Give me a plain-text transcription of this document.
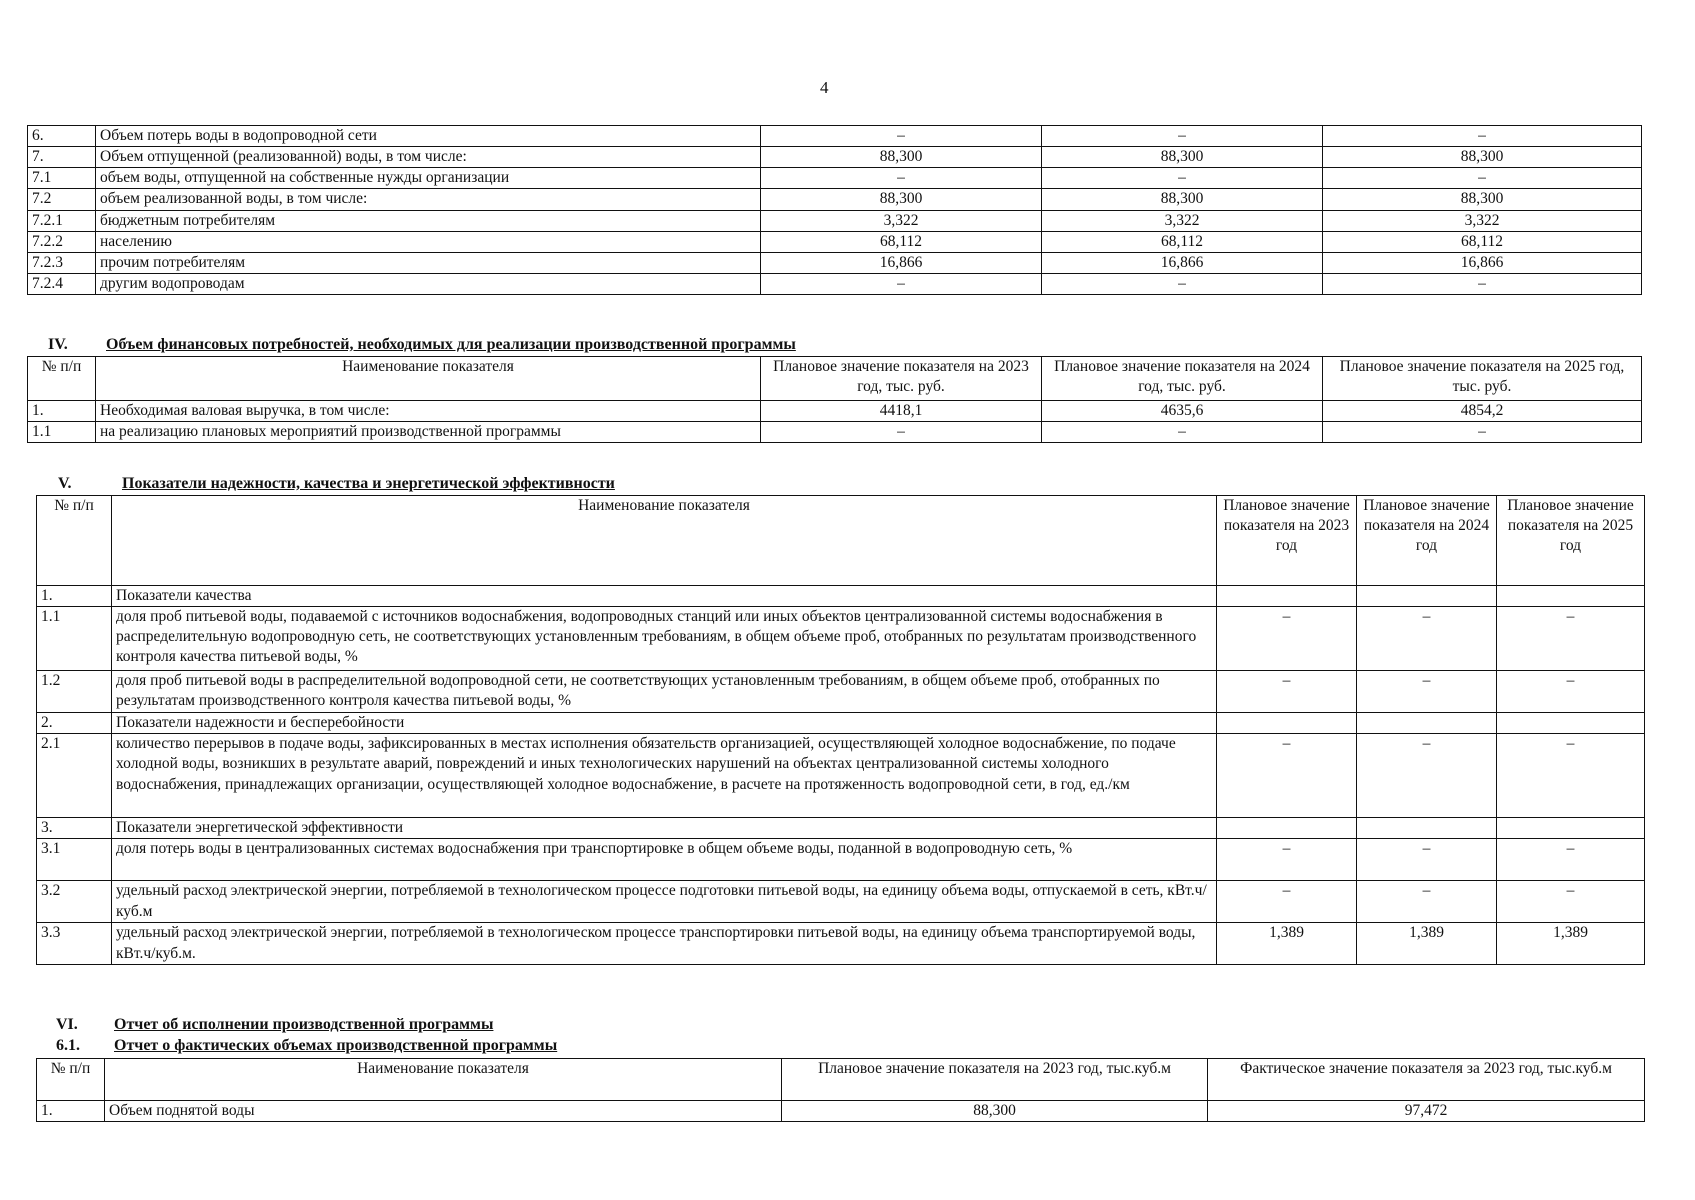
4
6.	Объем потерь воды в водопроводной сети	–	–	–
7.	Объем отпущенной (реализованной) воды, в том числе:	88,300	88,300	88,300
7.1	объем воды, отпущенной на собственные нужды организации	–	–	–
7.2	объем реализованной воды, в том числе:	88,300	88,300	88,300
7.2.1	бюджетным потребителям	3,322	3,322	3,322
7.2.2	населению	68,112	68,112	68,112
7.2.3	прочим потребителям	16,866	16,866	16,866
7.2.4	другим водопроводам	–	–	–
IV. Объем финансовых потребностей, необходимых для реализации производственной программы
№ п/п	Наименование показателя	Плановое значение показателя на 2023 год, тыс. руб.	Плановое значение показателя на 2024 год, тыс. руб.	Плановое значение показателя на 2025 год, тыс. руб.
1.	Необходимая валовая выручка, в том числе:	4418,1	4635,6	4854,2
1.1	на реализацию плановых мероприятий производственной программы	–	–	–
V.	Показатели надежности, качества и энергетической эффективности
№ п/п	Наименование показателя	Плановое значение показателя на 2023 год	Плановое значение показателя на 2024 год	Плановое значение показателя на 2025 год
1.	Показатели качества			
1.1	доля проб питьевой воды, подаваемой с источников водоснабжения, водопроводных станций или иных объектов централизованной системы водоснабжения в распределительную водопроводную сеть, не соответствующих установленным требованиям, в общем объеме проб, отобранных по результатам производственного контроля качества питьевой воды, %	–	–	–
1.2	доля проб питьевой воды в распределительной водопроводной сети, не соответствующих установленным требованиям, в общем объеме проб, отобранных по результатам производственного контроля качества питьевой воды, %	–	–	–
2.	Показатели надежности и бесперебойности			
2.1	количество перерывов в подаче воды, зафиксированных в местах исполнения обязательств организацией, осуществляющей холодное водоснабжение, по подаче холодной воды, возникших в результате аварий, повреждений и иных технологических нарушений на объектах централизованной системы холодного водоснабжения, принадлежащих организации, осуществляющей холодное водоснабжение, в расчете на протяженность водопроводной сети, в год, ед./км	–	–	–
3.	Показатели энергетической эффективности			
3.1	доля потерь воды в централизованных системах водоснабжения при транспортировке в общем объеме воды, поданной в водопроводную сеть, %	–	–	–
3.2	удельный расход электрической энергии, потребляемой в технологическом процессе подготовки питьевой воды, на единицу объема воды, отпускаемой в сеть, кВт.ч/куб.м	–	–	–
3.3	удельный расход электрической энергии, потребляемой в технологическом процессе транспортировки питьевой воды, на единицу объема транспортируемой воды, кВт.ч/куб.м.	1,389	1,389	1,389
VI. Отчет об исполнении производственной программы
6.1. Отчет о фактических объемах производственной программы
№ п/п	Наименование показателя	Плановое значение показателя на 2023 год, тыс.куб.м	Фактическое значение показателя за 2023 год, тыс.куб.м
1.	Объем поднятой воды	88,300	97,472
